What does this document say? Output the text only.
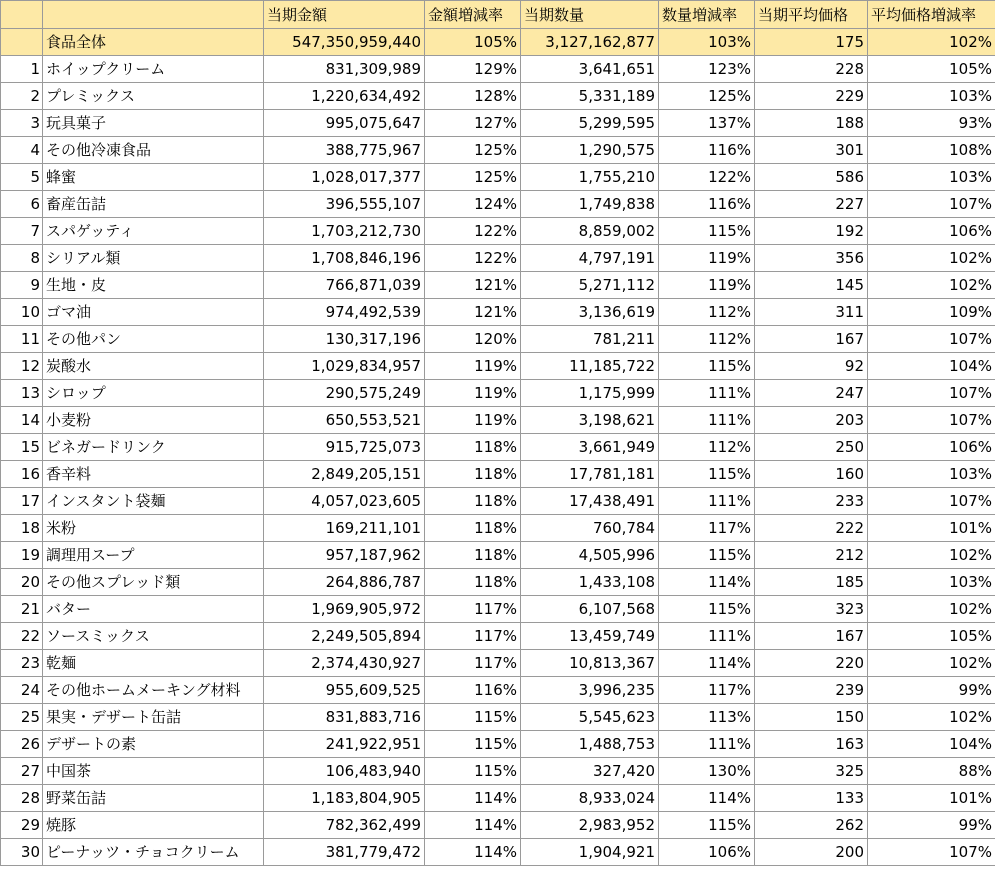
		当期金額	金額増減率	当期数量	数量増減率	当期平均価格	平均価格増減率
	食品全体	547,350,959,440	105%	3,127,162,877	103%	175	102%
1	ホイップクリーム	831,309,989	129%	3,641,651	123%	228	105%
2	プレミックス	1,220,634,492	128%	5,331,189	125%	229	103%
3	玩具菓子	995,075,647	127%	5,299,595	137%	188	93%
4	その他冷凍食品	388,775,967	125%	1,290,575	116%	301	108%
5	蜂蜜	1,028,017,377	125%	1,755,210	122%	586	103%
6	畜産缶詰	396,555,107	124%	1,749,838	116%	227	107%
7	スパゲッティ	1,703,212,730	122%	8,859,002	115%	192	106%
8	シリアル類	1,708,846,196	122%	4,797,191	119%	356	102%
9	生地・皮	766,871,039	121%	5,271,112	119%	145	102%
10	ゴマ油	974,492,539	121%	3,136,619	112%	311	109%
11	その他パン	130,317,196	120%	781,211	112%	167	107%
12	炭酸水	1,029,834,957	119%	11,185,722	115%	92	104%
13	シロップ	290,575,249	119%	1,175,999	111%	247	107%
14	小麦粉	650,553,521	119%	3,198,621	111%	203	107%
15	ビネガードリンク	915,725,073	118%	3,661,949	112%	250	106%
16	香辛料	2,849,205,151	118%	17,781,181	115%	160	103%
17	インスタント袋麺	4,057,023,605	118%	17,438,491	111%	233	107%
18	米粉	169,211,101	118%	760,784	117%	222	101%
19	調理用スープ	957,187,962	118%	4,505,996	115%	212	102%
20	その他スプレッド類	264,886,787	118%	1,433,108	114%	185	103%
21	バター	1,969,905,972	117%	6,107,568	115%	323	102%
22	ソースミックス	2,249,505,894	117%	13,459,749	111%	167	105%
23	乾麺	2,374,430,927	117%	10,813,367	114%	220	102%
24	その他ホームメーキング材料	955,609,525	116%	3,996,235	117%	239	99%
25	果実・デザート缶詰	831,883,716	115%	5,545,623	113%	150	102%
26	デザートの素	241,922,951	115%	1,488,753	111%	163	104%
27	中国茶	106,483,940	115%	327,420	130%	325	88%
28	野菜缶詰	1,183,804,905	114%	8,933,024	114%	133	101%
29	焼豚	782,362,499	114%	2,983,952	115%	262	99%
30	ピーナッツ・チョコクリーム	381,779,472	114%	1,904,921	106%	200	107%
